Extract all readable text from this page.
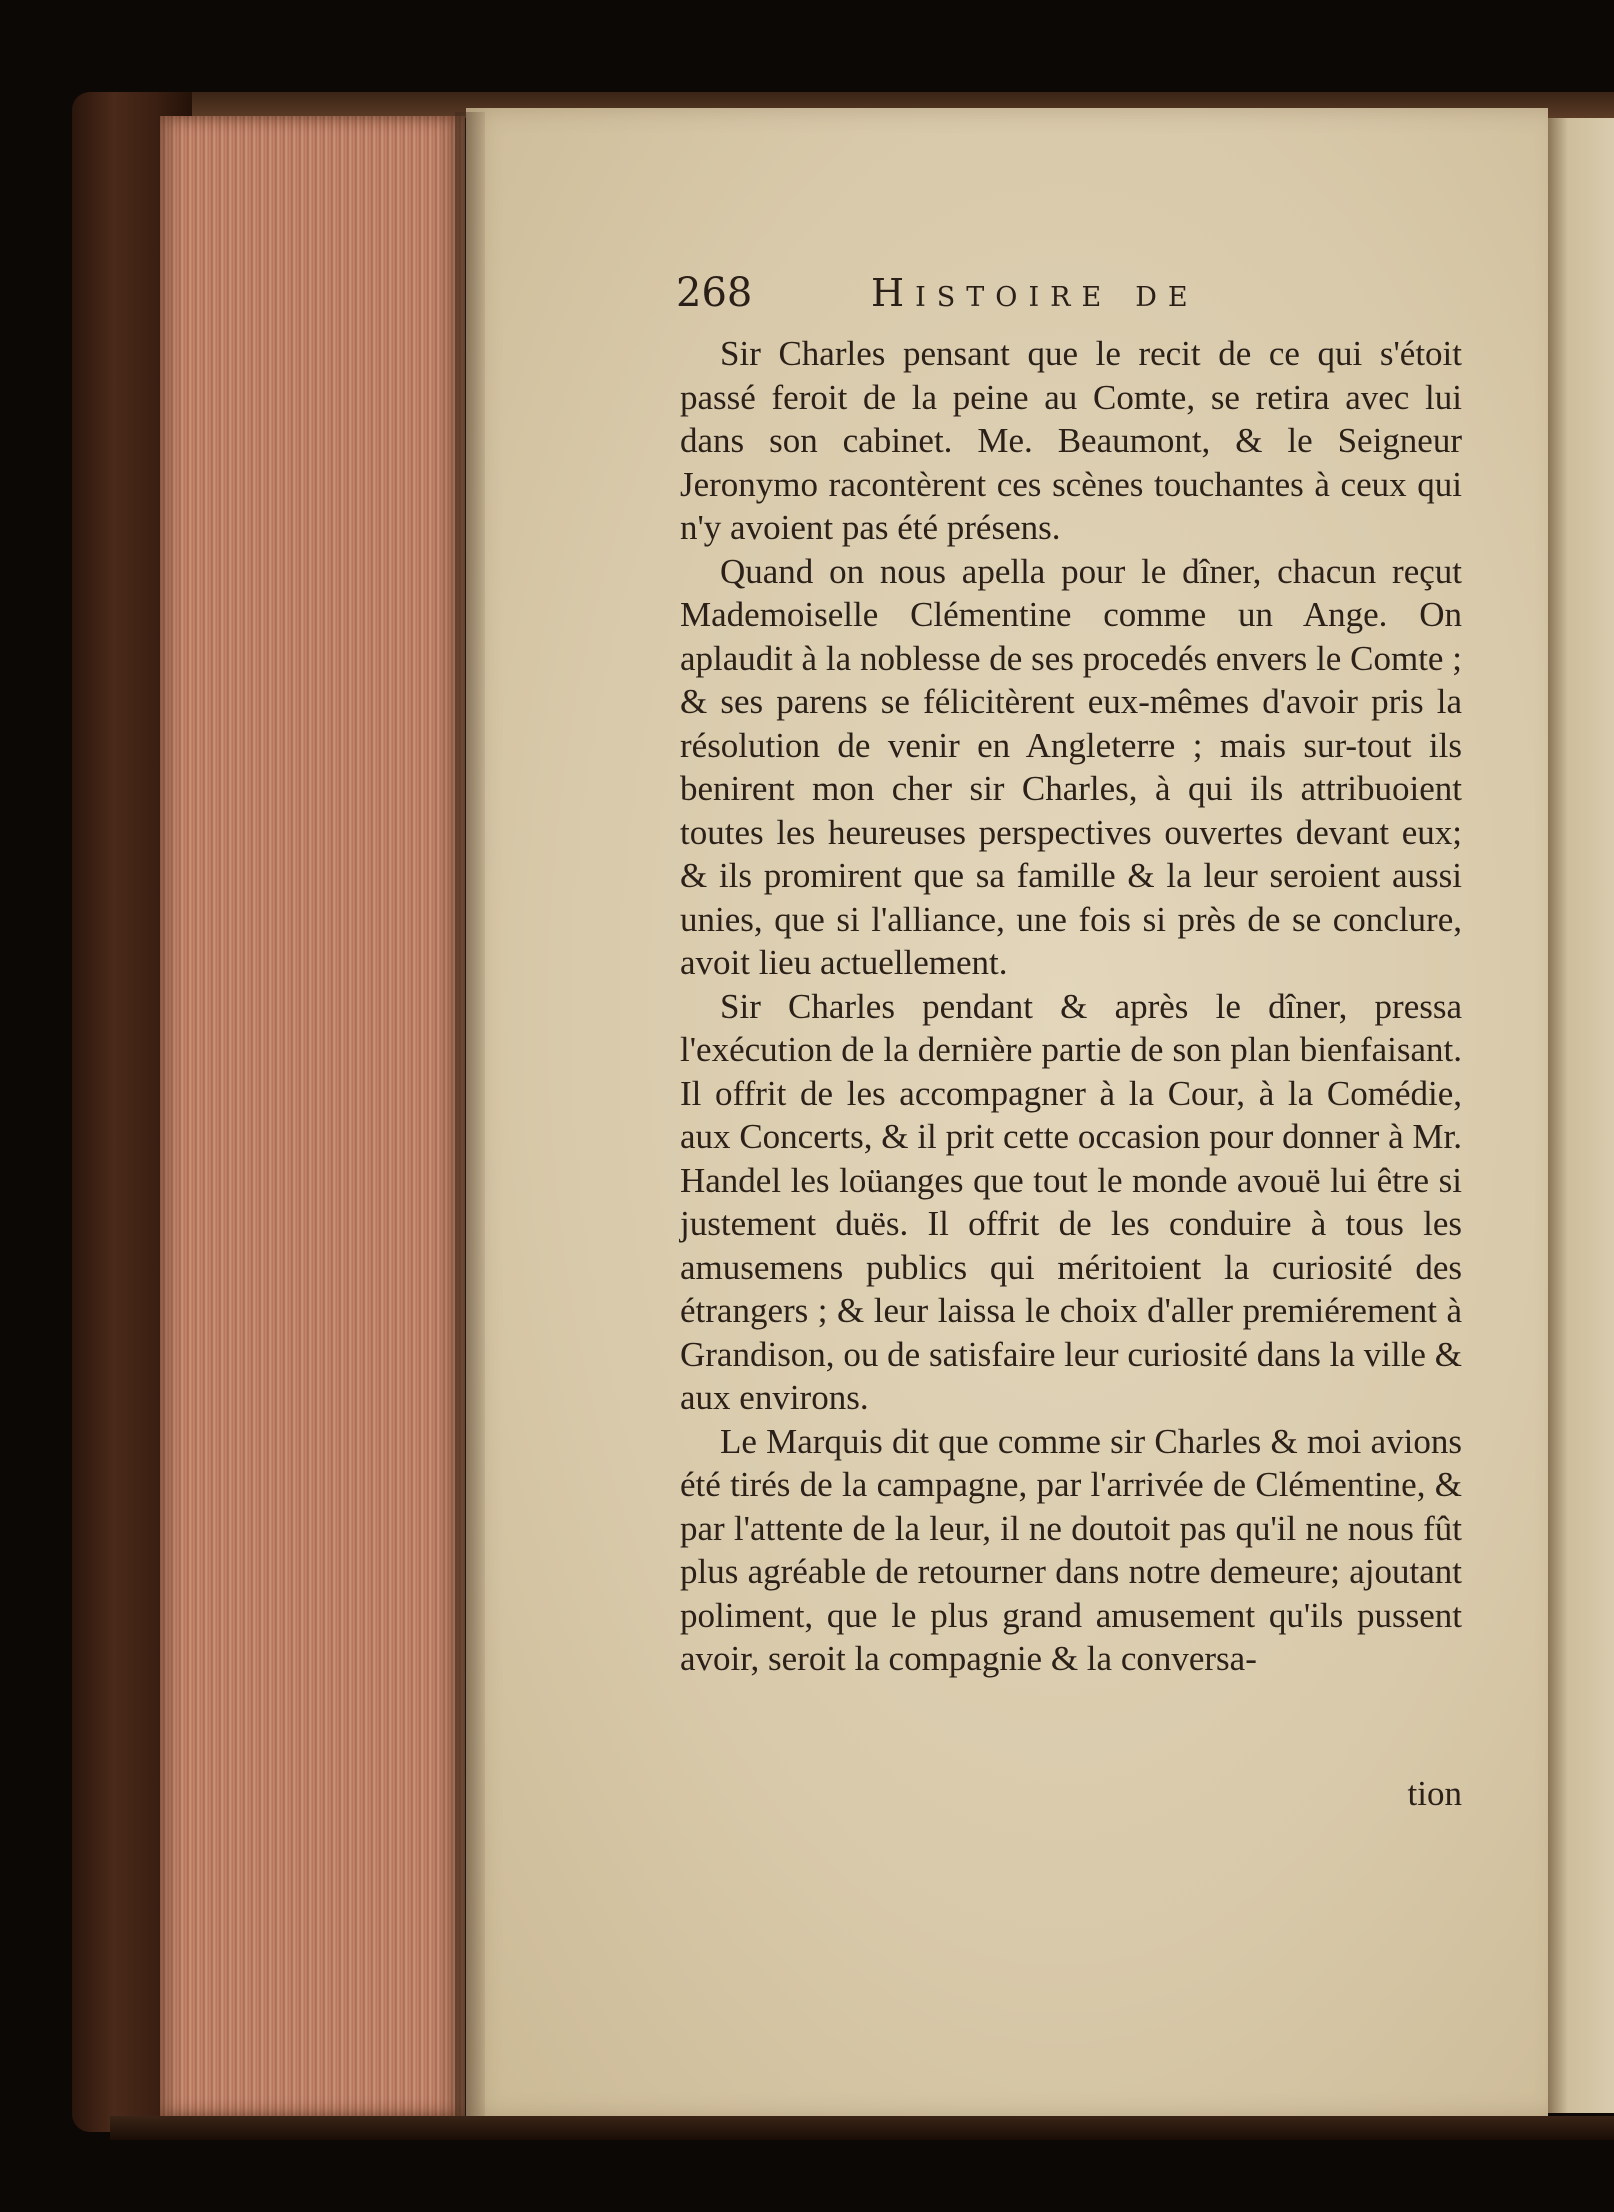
268	Histoire de

Sir Charles pensant que le recit de ce qui s'étoit passé feroit de la peine au Comte, se retira avec lui dans son cabinet. Me. Beaumont, & le Seigneur Jeronymo racontèrent ces scènes touchantes à ceux qui n'y avoient pas été présens.

Quand on nous apella pour le dîner, chacun reçut Mademoiselle Clémentine comme un Ange. On aplaudit à la noblesse de ses procedés envers le Comte ; & ses parens se félicitèrent eux-mêmes d'avoir pris la résolution de venir en Angleterre ; mais sur-tout ils benirent mon cher sir Charles, à qui ils attribuoient toutes les heureuses perspectives ouvertes devant eux; & ils promirent que sa famille & la leur seroient aussi unies, que si l'alliance, une fois si près de se conclure, avoit lieu actuellement.

Sir Charles pendant & après le dîner, pressa l'exécution de la dernière partie de son plan bienfaisant. Il offrit de les accompagner à la Cour, à la Comédie, aux Concerts, & il prit cette occasion pour donner à Mr. Handel les loüanges que tout le monde avouë lui être si justement duës. Il offrit de les conduire à tous les amusemens publics qui méritoient la curiosité des étrangers ; & leur laissa le choix d'aller premiérement à Grandison, ou de satisfaire leur curiosité dans la ville & aux environs.

Le Marquis dit que comme sir Charles & moi avions été tirés de la campagne, par l'arrivée de Clémentine, & par l'attente de la leur, il ne doutoit pas qu'il ne nous fût plus agréable de retourner dans notre demeure; ajoutant poliment, que le plus grand amusement qu'ils pussent avoir, seroit la compagnie & la conversa-

tion
